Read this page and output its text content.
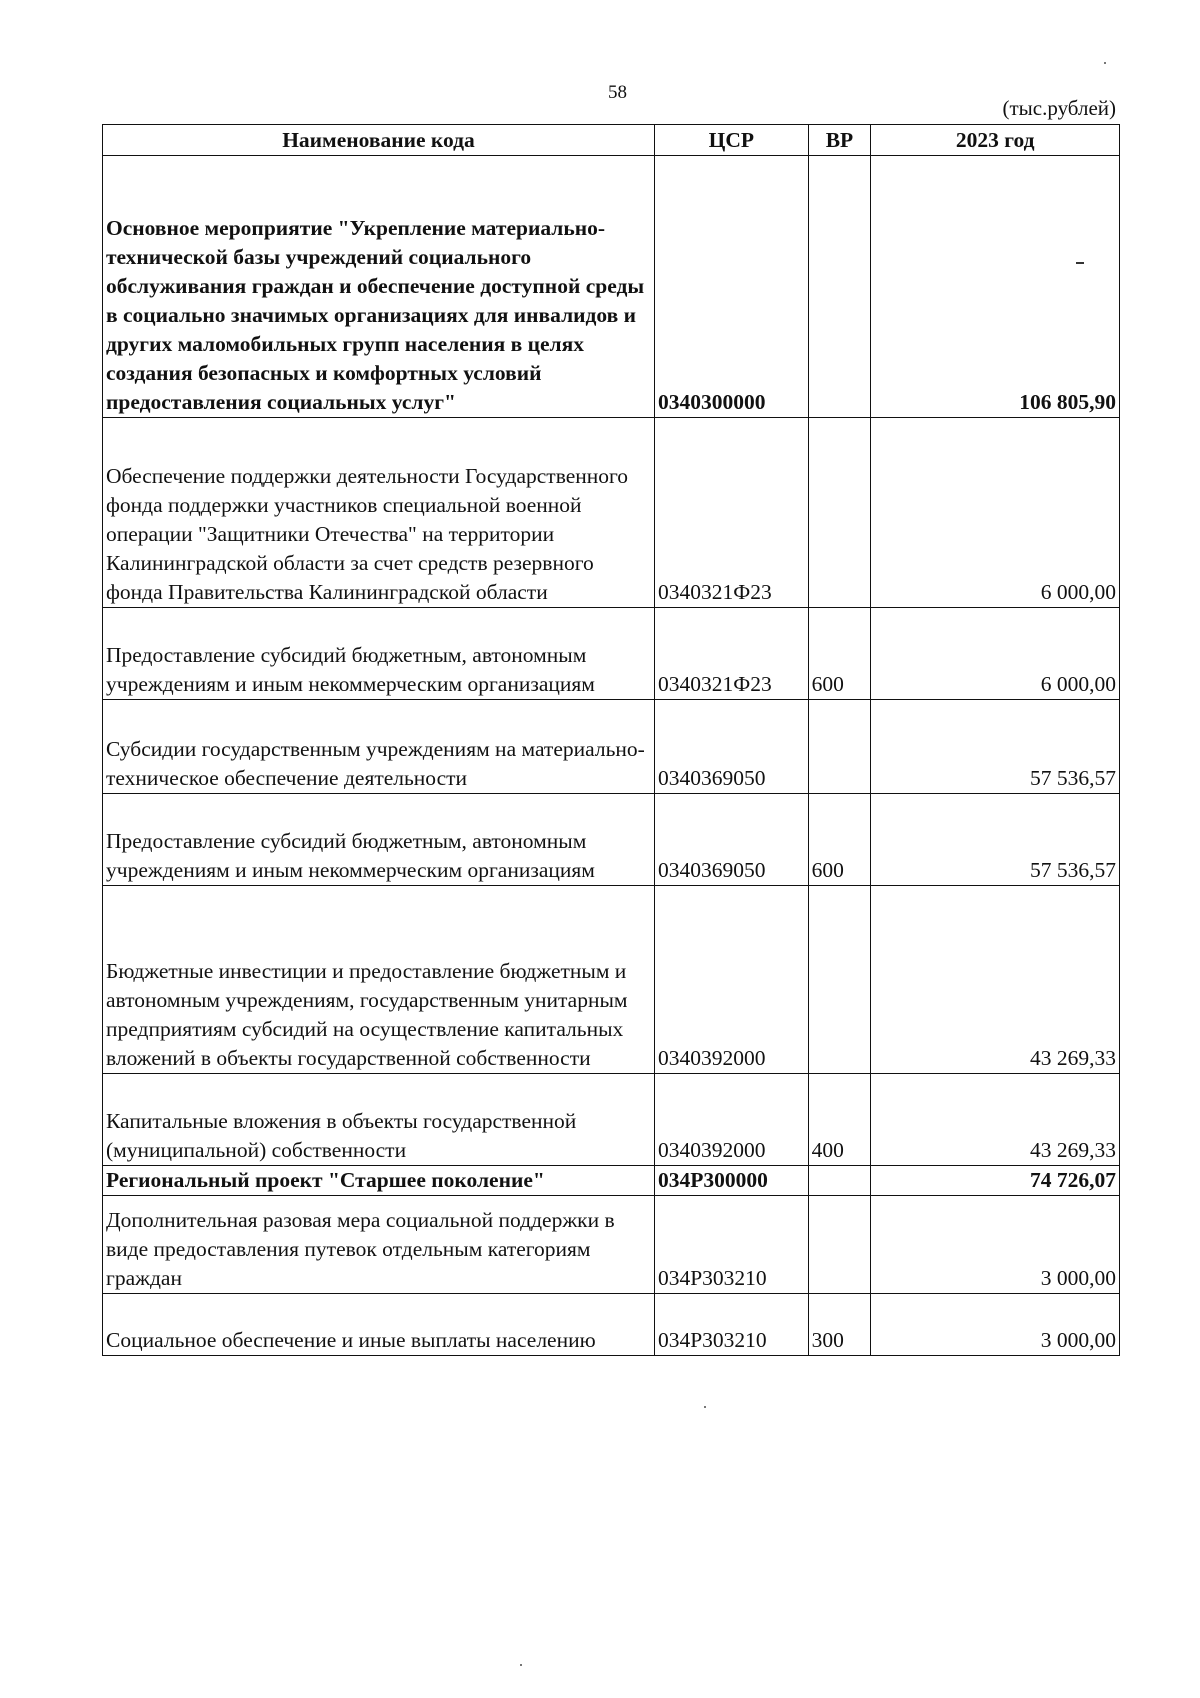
58
(тыс.рублей)
Наименование кода	ЦСР	ВР	2023 год
Основное мероприятие "Укрепление материально-технической базы учреждений социального обслуживания граждан и обеспечение доступной среды в социально значимых организациях для инвалидов и других маломобильных групп населения в целях создания безопасных и комфортных условий предоставления социальных услуг"	0340300000		106 805,90
Обеспечение поддержки деятельности Государственного фонда поддержки участников специальной военной операции "Защитники Отечества" на территории Калининградской области за счет средств резервного фонда Правительства Калининградской области	0340321Ф23		6 000,00
Предоставление субсидий бюджетным, автономным учреждениям и иным некоммерческим организациям	0340321Ф23	600	6 000,00
Субсидии государственным учреждениям на материально-техническое обеспечение деятельности	0340369050		57 536,57
Предоставление субсидий бюджетным, автономным учреждениям и иным некоммерческим организациям	0340369050	600	57 536,57
Бюджетные инвестиции и предоставление бюджетным и автономным учреждениям, государственным унитарным предприятиям субсидий на осуществление капитальных вложений в объекты государственной собственности	0340392000		43 269,33
Капитальные вложения в объекты государственной (муниципальной) собственности	0340392000	400	43 269,33
Региональный проект "Старшее поколение"	034P300000		74 726,07
Дополнительная разовая мера социальной поддержки в виде предоставления путевок отдельным категориям граждан	034P303210		3 000,00
Социальное обеспечение и иные выплаты населению	034P303210	300	3 000,00
